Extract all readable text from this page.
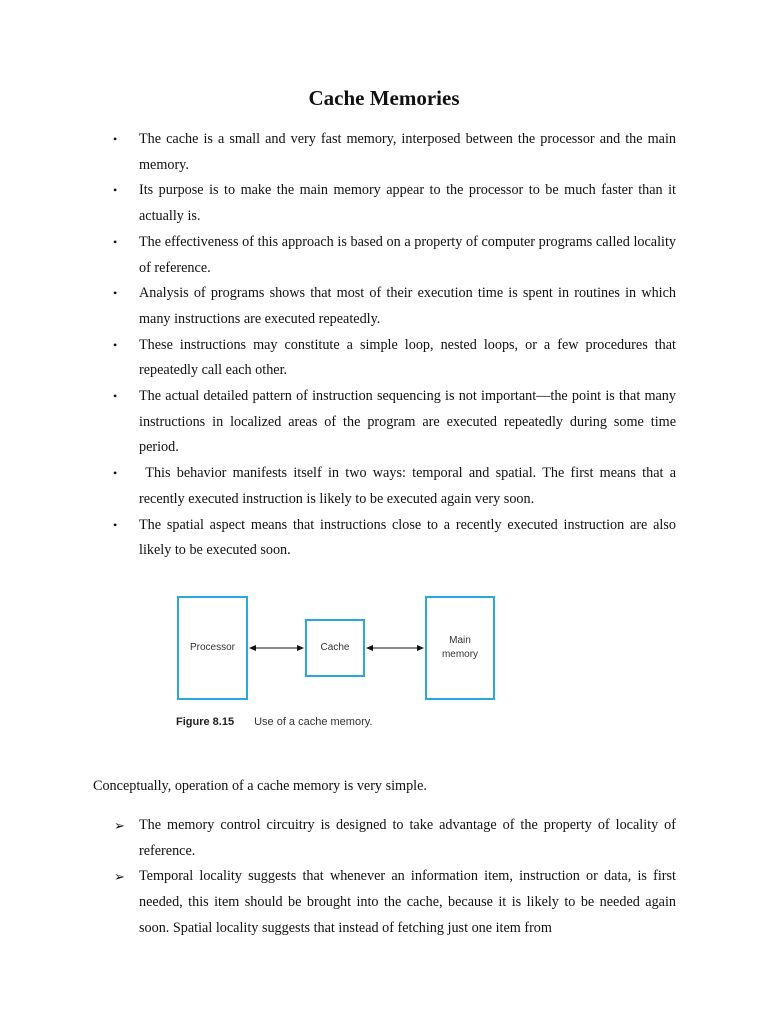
Cache Memories
• The cache is a small and very fast memory, interposed between the processor and the main memory.
• Its purpose is to make the main memory appear to the processor to be much faster than it actually is.
• The effectiveness of this approach is based on a property of computer programs called locality of reference.
• Analysis of programs shows that most of their execution time is spent in routines in which many instructions are executed repeatedly.
• These instructions may constitute a simple loop, nested loops, or a few procedures that repeatedly call each other.
• The actual detailed pattern of instruction sequencing is not important—the point is that many instructions in localized areas of the program are executed repeatedly during some time period.
• This behavior manifests itself in two ways: temporal and spatial. The first means that a recently executed instruction is likely to be executed again very soon.
• The spatial aspect means that instructions close to a recently executed instruction are also likely to be executed soon.
Processor	Cache
Main
memory
Figure 8.15 Use of a cache memory.
Conceptually, operation of a cache memory is very simple.
➢ The memory control circuitry is designed to take advantage of the property of locality of reference.
➢ Temporal locality suggests that whenever an information item, instruction or data, is first needed, this item should be brought into the cache, because it is likely to be needed again soon. Spatial locality suggests that instead of fetching just one item from
